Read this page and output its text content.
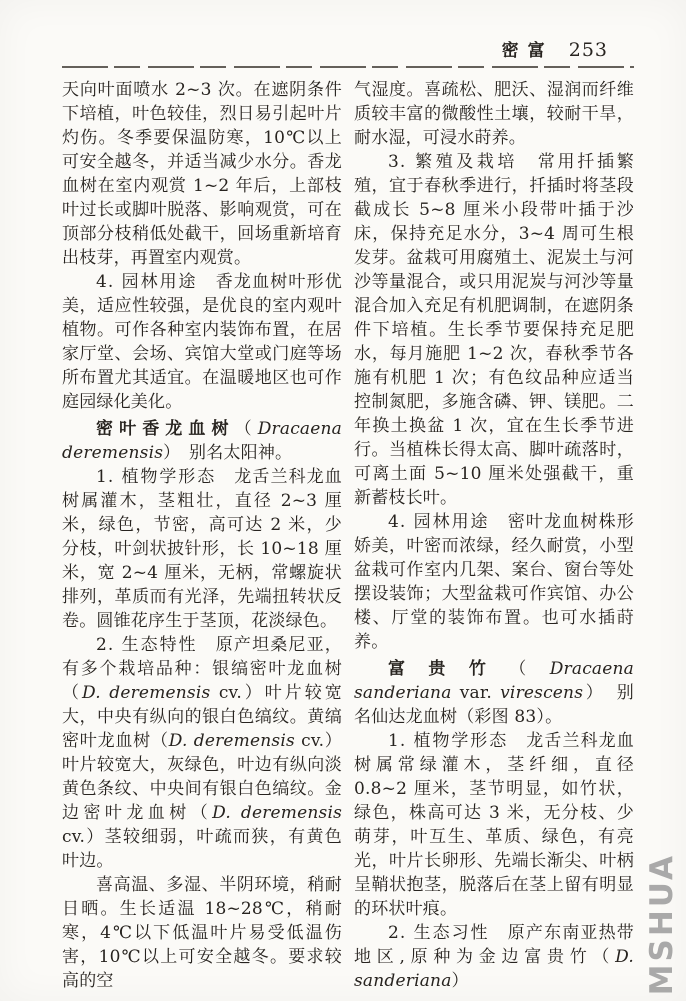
密富 253

天向叶面喷水 2~3 次。在遮阴条件下培植，叶色较佳，烈日易引起叶片灼伤。冬季要保温防寒，10℃以上可安全越冬，并适当减少水分。香龙血树在室内观赏 1~2 年后，上部枝叶过长或脚叶脱落、影响观赏，可在顶部分枝稍低处截干，回场重新培育出枝芽，再置室内观赏。

4. 园林用途　香龙血树叶形优美，适应性较强，是优良的室内观叶植物。可作各种室内装饰布置，在居家厅堂、会场、宾馆大堂或门庭等场所布置尤其适宜。在温暖地区也可作庭园绿化美化。

密叶香龙血树（Dracaena deremensis）　别名太阳神。

1. 植物学形态　龙舌兰科龙血树属灌木，茎粗壮，直径 2~3 厘米，绿色，节密，高可达 2 米，少分枝，叶剑状披针形，长 10~18 厘米，宽 2~4 厘米，无柄，常螺旋状排列，革质而有光泽，先端扭转状反卷。圆锥花序生于茎顶，花淡绿色。

2. 生态特性　原产坦桑尼亚，有多个栽培品种：银缟密叶龙血树（D. deremensis cv.）叶片较宽大，中央有纵向的银白色缟纹。黄缟密叶龙血树（D. deremensis cv.）叶片较宽大，灰绿色，叶边有纵向淡黄色条纹、中央间有银白色缟纹。金边密叶龙血树（D. deremensis cv.）茎较细弱，叶疏而狭，有黄色叶边。

喜高温、多湿、半阴环境，稍耐日晒。生长适温 18~28℃，稍耐寒，4℃以下低温叶片易受低温伤害，10℃以上可安全越冬。要求较高的空

气湿度。喜疏松、肥沃、湿润而纤维质较丰富的微酸性土壤，较耐干旱，耐水湿，可浸水莳养。

3. 繁殖及栽培　常用扦插繁殖，宜于春秋季进行，扦插时将茎段截成长 5~8 厘米小段带叶插于沙床，保持充足水分，3~4 周可生根发芽。盆栽可用腐殖土、泥炭土与河沙等量混合，或只用泥炭与河沙等量混合加入充足有机肥调制，在遮阴条件下培植。生长季节要保持充足肥水，每月施肥 1~2 次，春秋季节各施有机肥 1 次；有色纹品种应适当控制氮肥，多施含磷、钾、镁肥。二年换土换盆 1 次，宜在生长季节进行。当植株长得太高、脚叶疏落时，可离土面 5~10 厘米处强截干，重新蓄枝长叶。

4. 园林用途　密叶龙血树株形娇美，叶密而浓绿，经久耐赏，小型盆栽可作室内几架、案台、窗台等处摆设装饰；大型盆栽可作宾馆、办公楼、厅堂的装饰布置。也可水插莳养。

富贵竹（Dracaena sanderiana var. virescens）　别名仙达龙血树（彩图 83）。

1. 植物学形态　龙舌兰科龙血树属常绿灌木，茎纤细，直径 0.8~2 厘米，茎节明显，如竹状，绿色，株高可达 3 米，无分枝、少萌芽，叶互生、革质、绿色，有亮光，叶片长卵形、先端长渐尖、叶柄呈鞘状抱茎，脱落后在茎上留有明显的环状叶痕。

2. 生态习性　原产东南亚热带地区,原种为金边富贵竹（D. sanderiana）	MSHUA
